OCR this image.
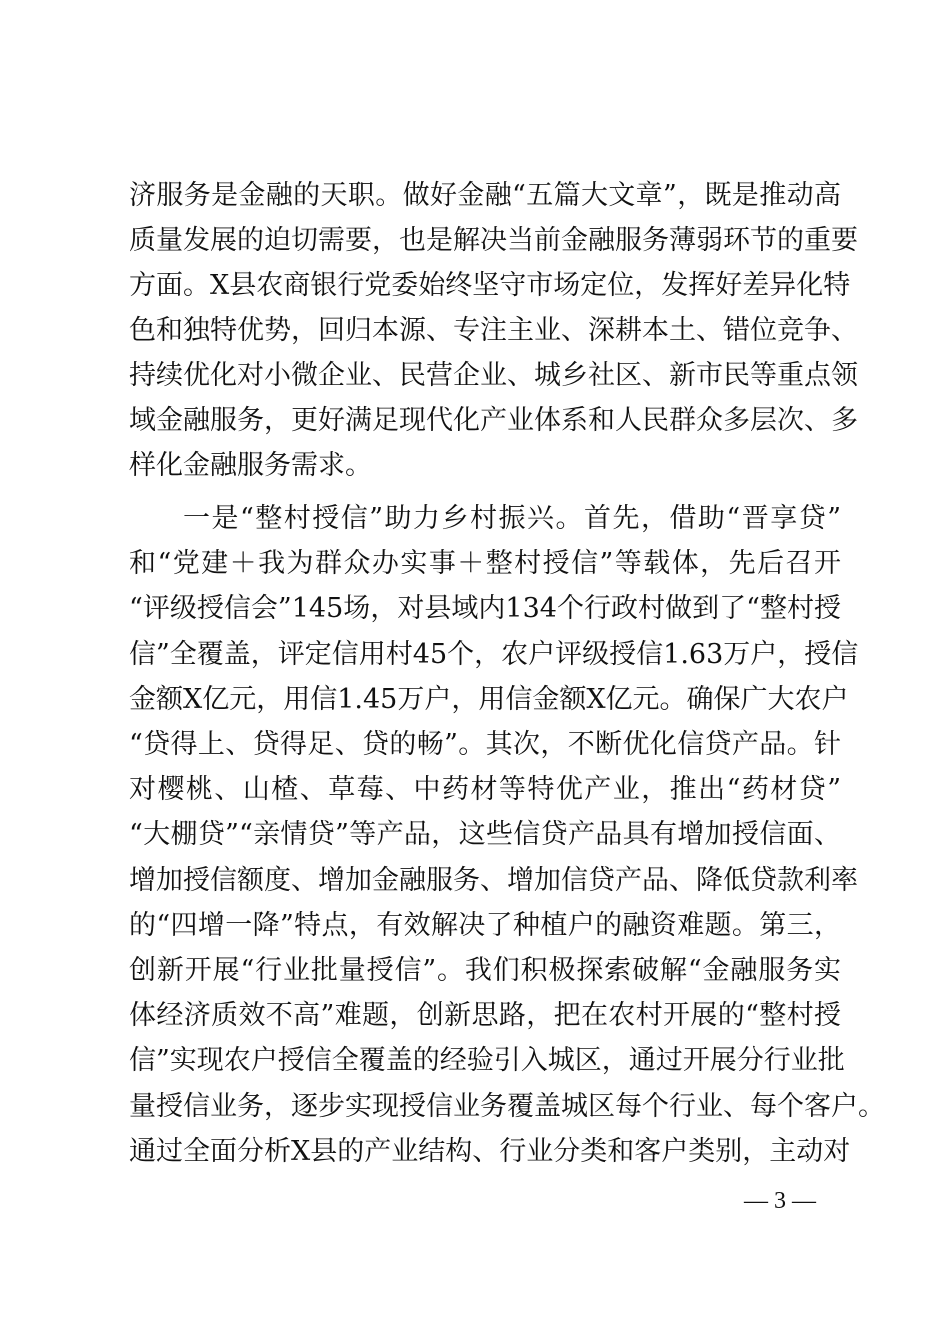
济服务是金融的天职。做好金融“五篇大文章”，既是推动高
质量发展的迫切需要，也是解决当前金融服务薄弱环节的重要
方面。X县农商银行党委始终坚守市场定位，发挥好差异化特
色和独特优势，回归本源、专注主业、深耕本土、错位竞争、
持续优化对小微企业、民营企业、城乡社区、新市民等重点领
域金融服务，更好满足现代化产业体系和人民群众多层次、多
样化金融服务需求。
一是“整村授信”助力乡村振兴。首先，借助“晋享贷”
和“党建＋我为群众办实事＋整村授信”等载体，先后召开
“评级授信会”145场，对县域内134个行政村做到了“整村授
信”全覆盖，评定信用村45个，农户评级授信1.63万户，授信
金额X亿元，用信1.45万户，用信金额X亿元。确保广大农户
“贷得上、贷得足、贷的畅”。其次，不断优化信贷产品。针
对樱桃、山楂、草莓、中药材等特优产业，推出“药材贷”
“大棚贷”“亲情贷”等产品，这些信贷产品具有增加授信面、
增加授信额度、增加金融服务、增加信贷产品、降低贷款利率
的“四增一降”特点，有效解决了种植户的融资难题。第三，
创新开展“行业批量授信”。我们积极探索破解“金融服务实
体经济质效不高”难题，创新思路，把在农村开展的“整村授
信”实现农户授信全覆盖的经验引入城区，通过开展分行业批
量授信业务，逐步实现授信业务覆盖城区每个行业、每个客户。
通过全面分析X县的产业结构、行业分类和客户类别，主动对
— 3 —
